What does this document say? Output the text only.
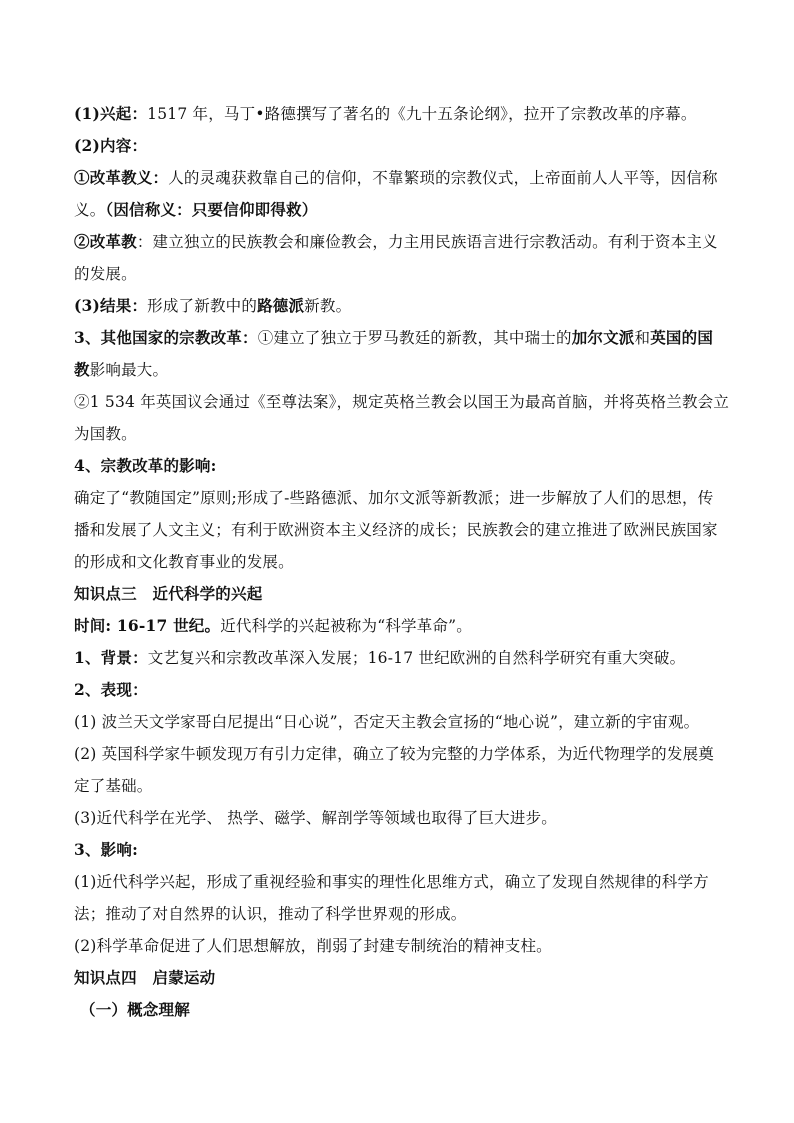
(1)兴起：1517 年，马丁•路德撰写了著名的《九十五条论纲》，拉开了宗教改革的序幕。
(2)内容：
①改革教义：人的灵魂获救靠自己的信仰，不靠繁琐的宗教仪式，上帝面前人人平等，因信称
义。（因信称义：只要信仰即得救）
②改革教：建立独立的民族教会和廉俭教会，力主用民族语言进行宗教活动。有利于资本主义
的发展。
(3)结果：形成了新教中的路德派新教。
3、其他国家的宗教改革：①建立了独立于罗马教廷的新教，其中瑞士的加尔文派和英国的国
教影响最大。
②1 534 年英国议会通过《至尊法案》，规定英格兰教会以国王为最高首脑，并将英格兰教会立
为国教。
4、宗教改革的影响:
确定了“教随国定”原则;形成了-些路德派、加尔文派等新教派；进一步解放了人们的思想，传
播和发展了人文主义；有利于欧洲资本主义经济的成长；民族教会的建立推进了欧洲民族国家
的形成和文化教育事业的发展。
知识点三　近代科学的兴起
时间: 16-17 世纪。近代科学的兴起被称为“科学革命”。
1、背景：文艺复兴和宗教改革深入发展；16-17 世纪欧洲的自然科学研究有重大突破。
2、表现：
(1) 波兰天文学家哥白尼提出“日心说”，否定天主教会宣扬的“地心说”，建立新的宇宙观。
(2) 英国科学家牛顿发现万有引力定律，确立了较为完整的力学体系，为近代物理学的发展奠
定了基础。
(3)近代科学在光学、 热学、磁学、解剖学等领域也取得了巨大进步。
3、影响:
(1)近代科学兴起，形成了重视经验和事实的理性化思维方式，确立了发现自然规律的科学方
法；推动了对自然界的认识，推动了科学世界观的形成。
(2)科学革命促进了人们思想解放，削弱了封建专制统治的精神支柱。
知识点四　启蒙运动
（一）概念理解
